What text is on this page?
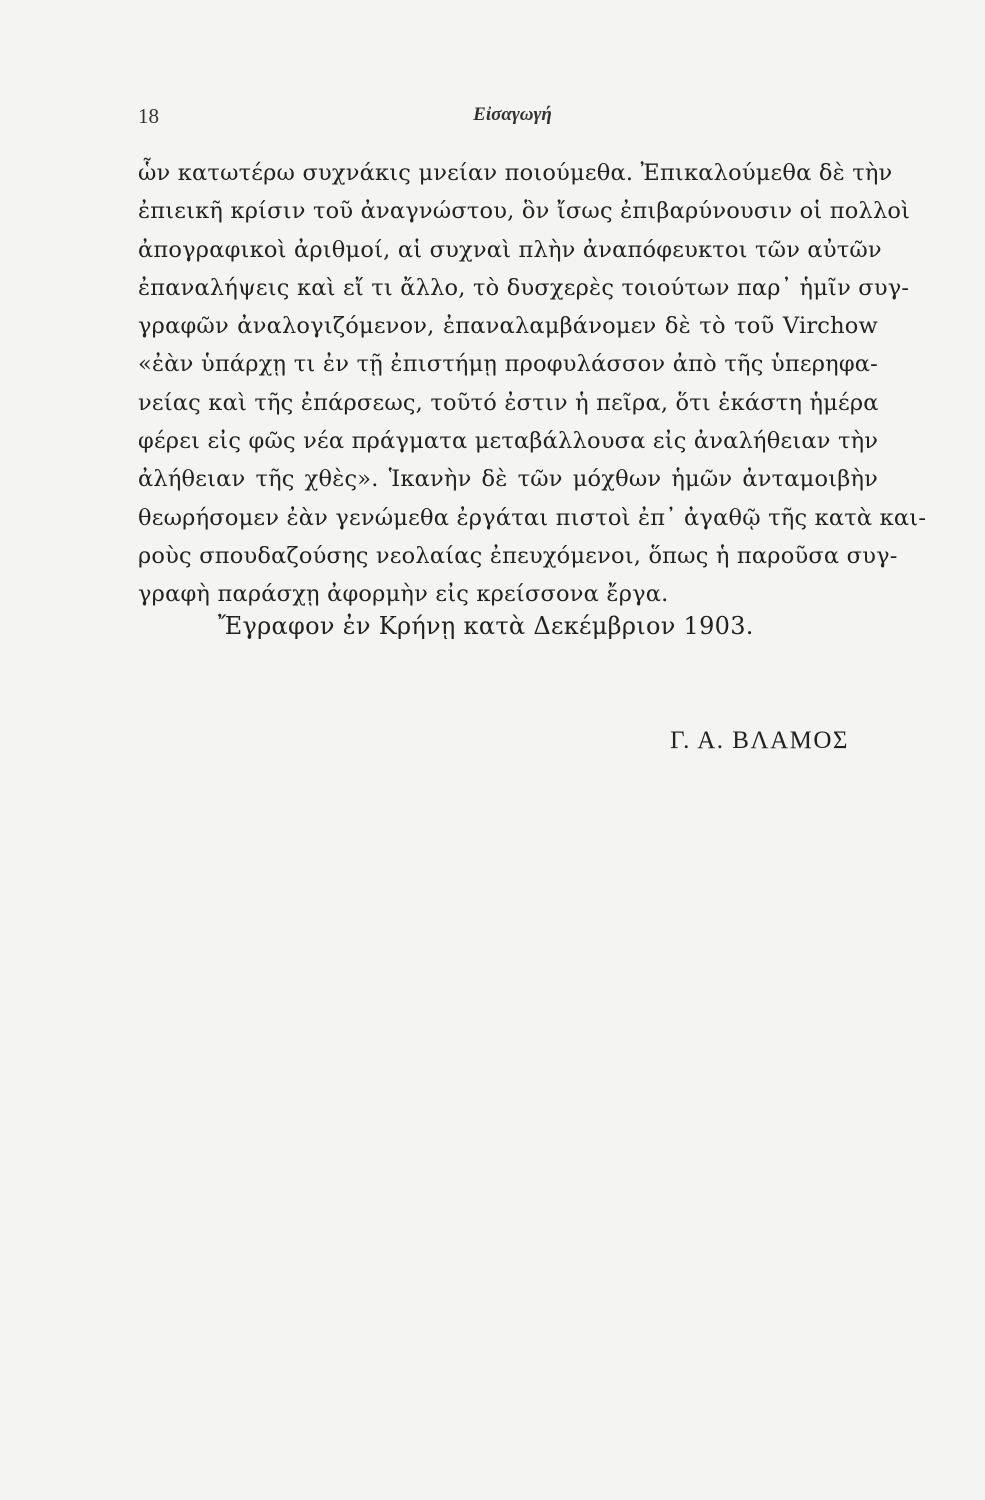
18	Εἰσαγωγή
ὧν κατωτέρω συχνάκις μνείαν ποιούμεθα. Ἐπικαλούμεθα δὲ τὴν
ἐπιεικῆ κρίσιν τοῦ ἀναγνώστου, ὃν ἴσως ἐπιβαρύνουσιν οἱ πολλοὶ
ἀπογραφικοὶ ἀριθμοί, αἱ συχναὶ πλὴν ἀναπόφευκτοι τῶν αὐτῶν
ἐπαναλήψεις καὶ εἴ τι ἄλλο, τὸ δυσχερὲς τοιούτων παρ᾽ ἡμῖν συγ-
γραφῶν ἀναλογιζόμενον, ἐπαναλαμβάνομεν δὲ τὸ τοῦ Virchow
«ἐὰν ὑπάρχῃ τι ἐν τῇ ἐπιστήμῃ προφυλάσσον ἀπὸ τῆς ὑπερηφα-
νείας καὶ τῆς ἐπάρσεως, τοῦτό ἐστιν ἡ πεῖρα, ὅτι ἑκάστη ἡμέρα
φέρει εἰς φῶς νέα πράγματα μεταβάλλουσα εἰς ἀναλήθειαν τὴν
ἀλήθειαν τῆς χθὲς». Ἱκανὴν δὲ τῶν μόχθων ἡμῶν ἀνταμοιβὴν
θεωρήσομεν ἐὰν γενώμεθα ἐργάται πιστοὶ ἐπ᾽ ἀγαθῷ τῆς κατὰ και-
ροὺς σπουδαζούσης νεολαίας ἐπευχόμενοι, ὅπως ἡ παροῦσα συγ-
γραφὴ παράσχῃ ἀφορμὴν εἰς κρείσσονα ἔργα.
Ἔγραφον ἐν Κρήνῃ κατὰ Δεκέμβριον 1903.
Γ. Α. ΒΛΑΜΟΣ
